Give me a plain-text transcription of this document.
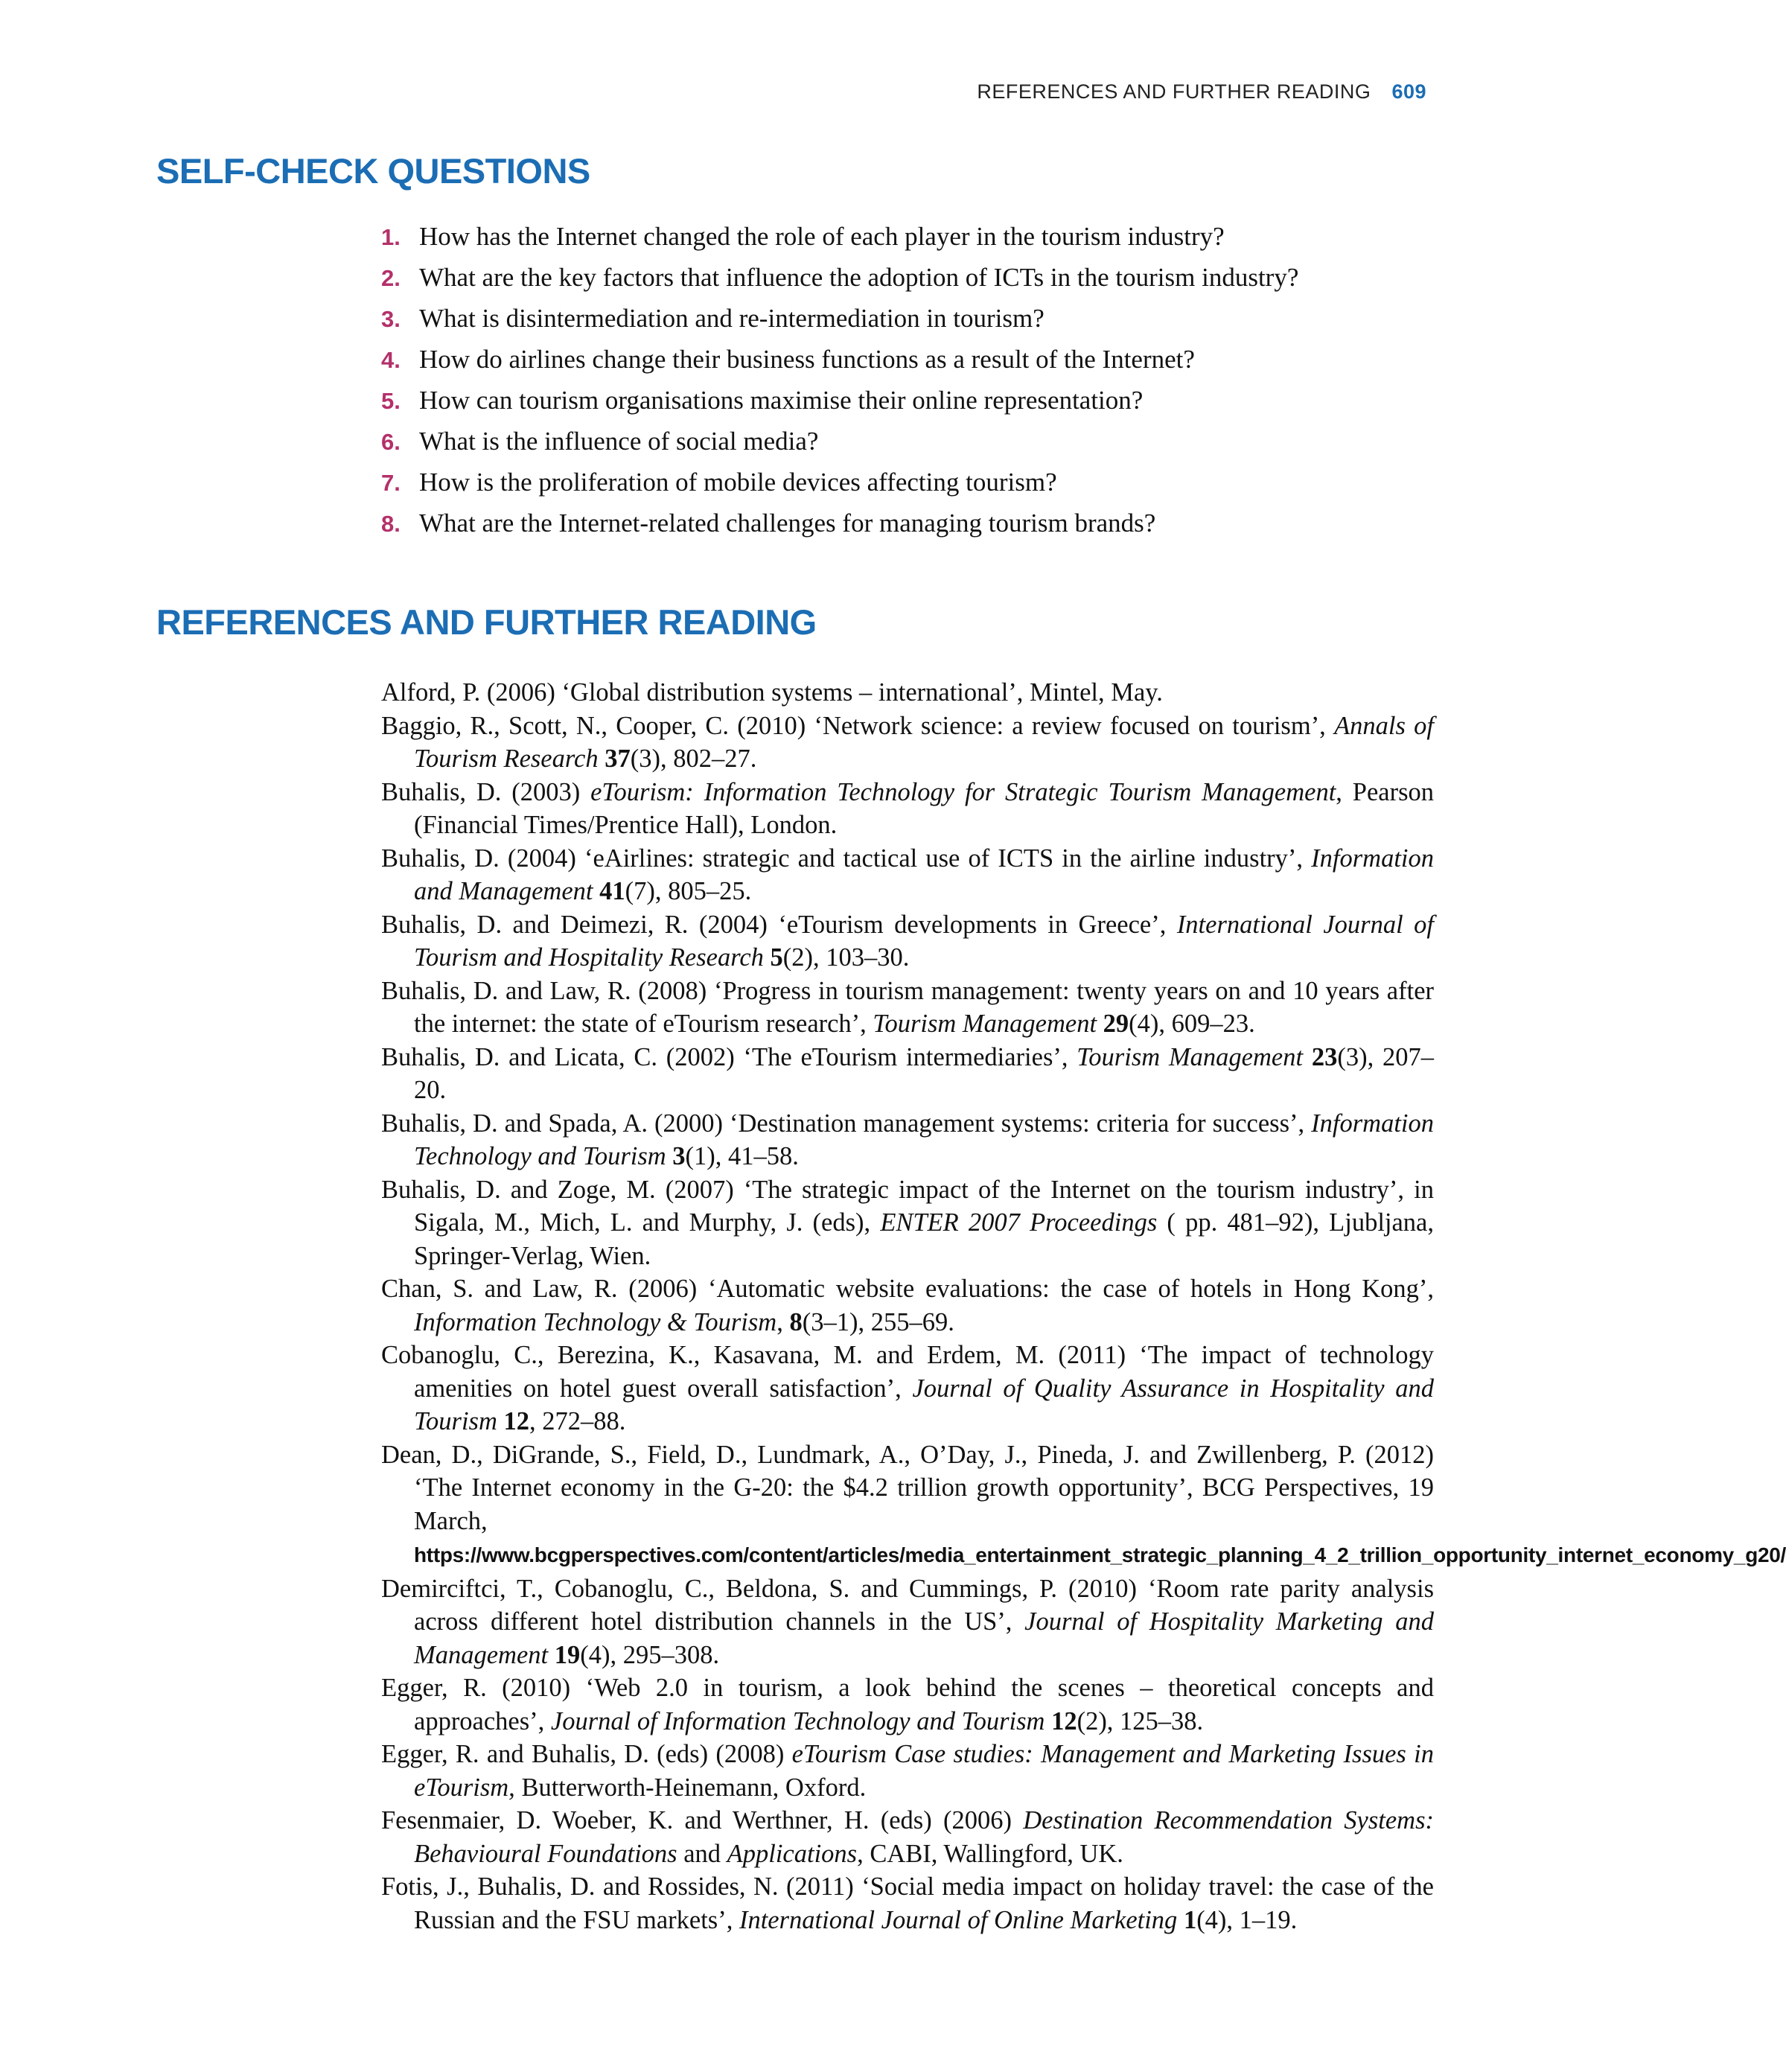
REFERENCES AND FURTHER READING 609
SELF-CHECK QUESTIONS
1. How has the Internet changed the role of each player in the tourism industry?
2. What are the key factors that influence the adoption of ICTs in the tourism industry?
3. What is disintermediation and re-intermediation in tourism?
4. How do airlines change their business functions as a result of the Internet?
5. How can tourism organisations maximise their online representation?
6. What is the influence of social media?
7. How is the proliferation of mobile devices affecting tourism?
8. What are the Internet-related challenges for managing tourism brands?
REFERENCES AND FURTHER READING
Alford, P. (2006) ‘Global distribution systems – international’, Mintel, May.
Baggio, R., Scott, N., Cooper, C. (2010) ‘Network science: a review focused on tourism’, Annals of Tourism Research 37(3), 802–27.
Buhalis, D. (2003) eTourism: Information Technology for Strategic Tourism Management, Pearson (Financial Times/Prentice Hall), London.
Buhalis, D. (2004) ‘eAirlines: strategic and tactical use of ICTS in the airline industry’, Information and Management 41(7), 805–25.
Buhalis, D. and Deimezi, R. (2004) ‘eTourism developments in Greece’, International Journal of Tourism and Hospitality Research 5(2), 103–30.
Buhalis, D. and Law, R. (2008) ‘Progress in tourism management: twenty years on and 10 years after the internet: the state of eTourism research’, Tourism Management 29(4), 609–23.
Buhalis, D. and Licata, C. (2002) ‘The eTourism intermediaries’, Tourism Management 23(3), 207–20.
Buhalis, D. and Spada, A. (2000) ‘Destination management systems: criteria for success’, Information Technology and Tourism 3(1), 41–58.
Buhalis, D. and Zoge, M. (2007) ‘The strategic impact of the Internet on the tourism industry’, in Sigala, M., Mich, L. and Murphy, J. (eds), ENTER 2007 Proceedings ( pp. 481–92), Ljubljana, Springer-Verlag, Wien.
Chan, S. and Law, R. (2006) ‘Automatic website evaluations: the case of hotels in Hong Kong’, Information Technology & Tourism, 8(3–1), 255–69.
Cobanoglu, C., Berezina, K., Kasavana, M. and Erdem, M. (2011) ‘The impact of technology amenities on hotel guest overall satisfaction’, Journal of Quality Assurance in Hospitality and Tourism 12, 272–88.
Dean, D., DiGrande, S., Field, D., Lundmark, A., O’Day, J., Pineda, J. and Zwillenberg, P. (2012) ‘The Internet economy in the G-20: the $4.2 trillion growth opportunity’, BCG Perspectives, 19 March, https://www.bcgperspectives.com/content/articles/media_entertainment_strategic_planning_4_2_trillion_opportunity_internet_economy_g20/
Demirciftci, T., Cobanoglu, C., Beldona, S. and Cummings, P. (2010) ‘Room rate parity analysis across different hotel distribution channels in the US’, Journal of Hospitality Marketing and Management 19(4), 295–308.
Egger, R. (2010) ‘Web 2.0 in tourism, a look behind the scenes – theoretical concepts and approaches’, Journal of Information Technology and Tourism 12(2), 125–38.
Egger, R. and Buhalis, D. (eds) (2008) eTourism Case studies: Management and Marketing Issues in eTourism, Butterworth-Heinemann, Oxford.
Fesenmaier, D. Woeber, K. and Werthner, H. (eds) (2006) Destination Recommendation Systems: Behavioural Foundations and Applications, CABI, Wallingford, UK.
Fotis, J., Buhalis, D. and Rossides, N. (2011) ‘Social media impact on holiday travel: the case of the Russian and the FSU markets’, International Journal of Online Marketing 1(4), 1–19.
